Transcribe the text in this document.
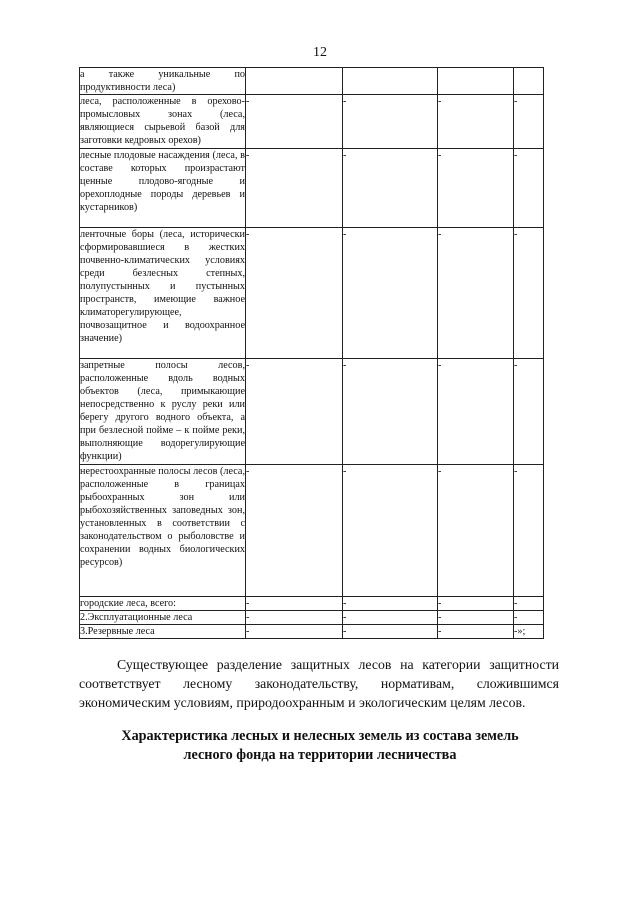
12
а также уникальные по продуктивности леса)				
леса, расположенные в орехово-промысловых зонах (леса, являющиеся сырьевой базой для заготовки кедровых орехов)	-	-	-	-
лесные плодовые насаждения (леса, в составе которых произрастают ценные плодово-ягодные и орехоплодные породы деревьев и кустарников)	-	-	-	-
ленточные боры (леса, исторически сформировавшиеся в жестких почвенно-климатических условиях среди безлесных степных, полупустынных и пустынных пространств, имеющие важное климаторегулирующее, почвозащитное и водоохранное значение)	-	-	-	-
запретные полосы лесов, расположенные вдоль водных объектов (леса, примыкающие непосредственно к руслу реки или берегу другого водного объекта, а при безлесной пойме – к пойме реки, выполняющие водорегулирующие функции)	-	-	-	-
нерестоохранные полосы лесов (леса, расположенные в границах рыбоохранных зон или рыбохозяйственных заповедных зон, установленных в соответствии с законодательством о рыболовстве и сохранении водных биологических ресурсов)	-	-	-	-
городские леса, всего:	-	-	-	-
2.Эксплуатационные леса	-	-	-	-
3.Резервные леса	-	-	-	-»;

Существующее разделение защитных лесов на категории защитности соответствует лесному законодательству, нормативам, сложившимся экономическим условиям, природоохранным и экологическим целям лесов.

Характеристика лесных и нелесных земель из состава земель
лесного фонда на территории лесничества
